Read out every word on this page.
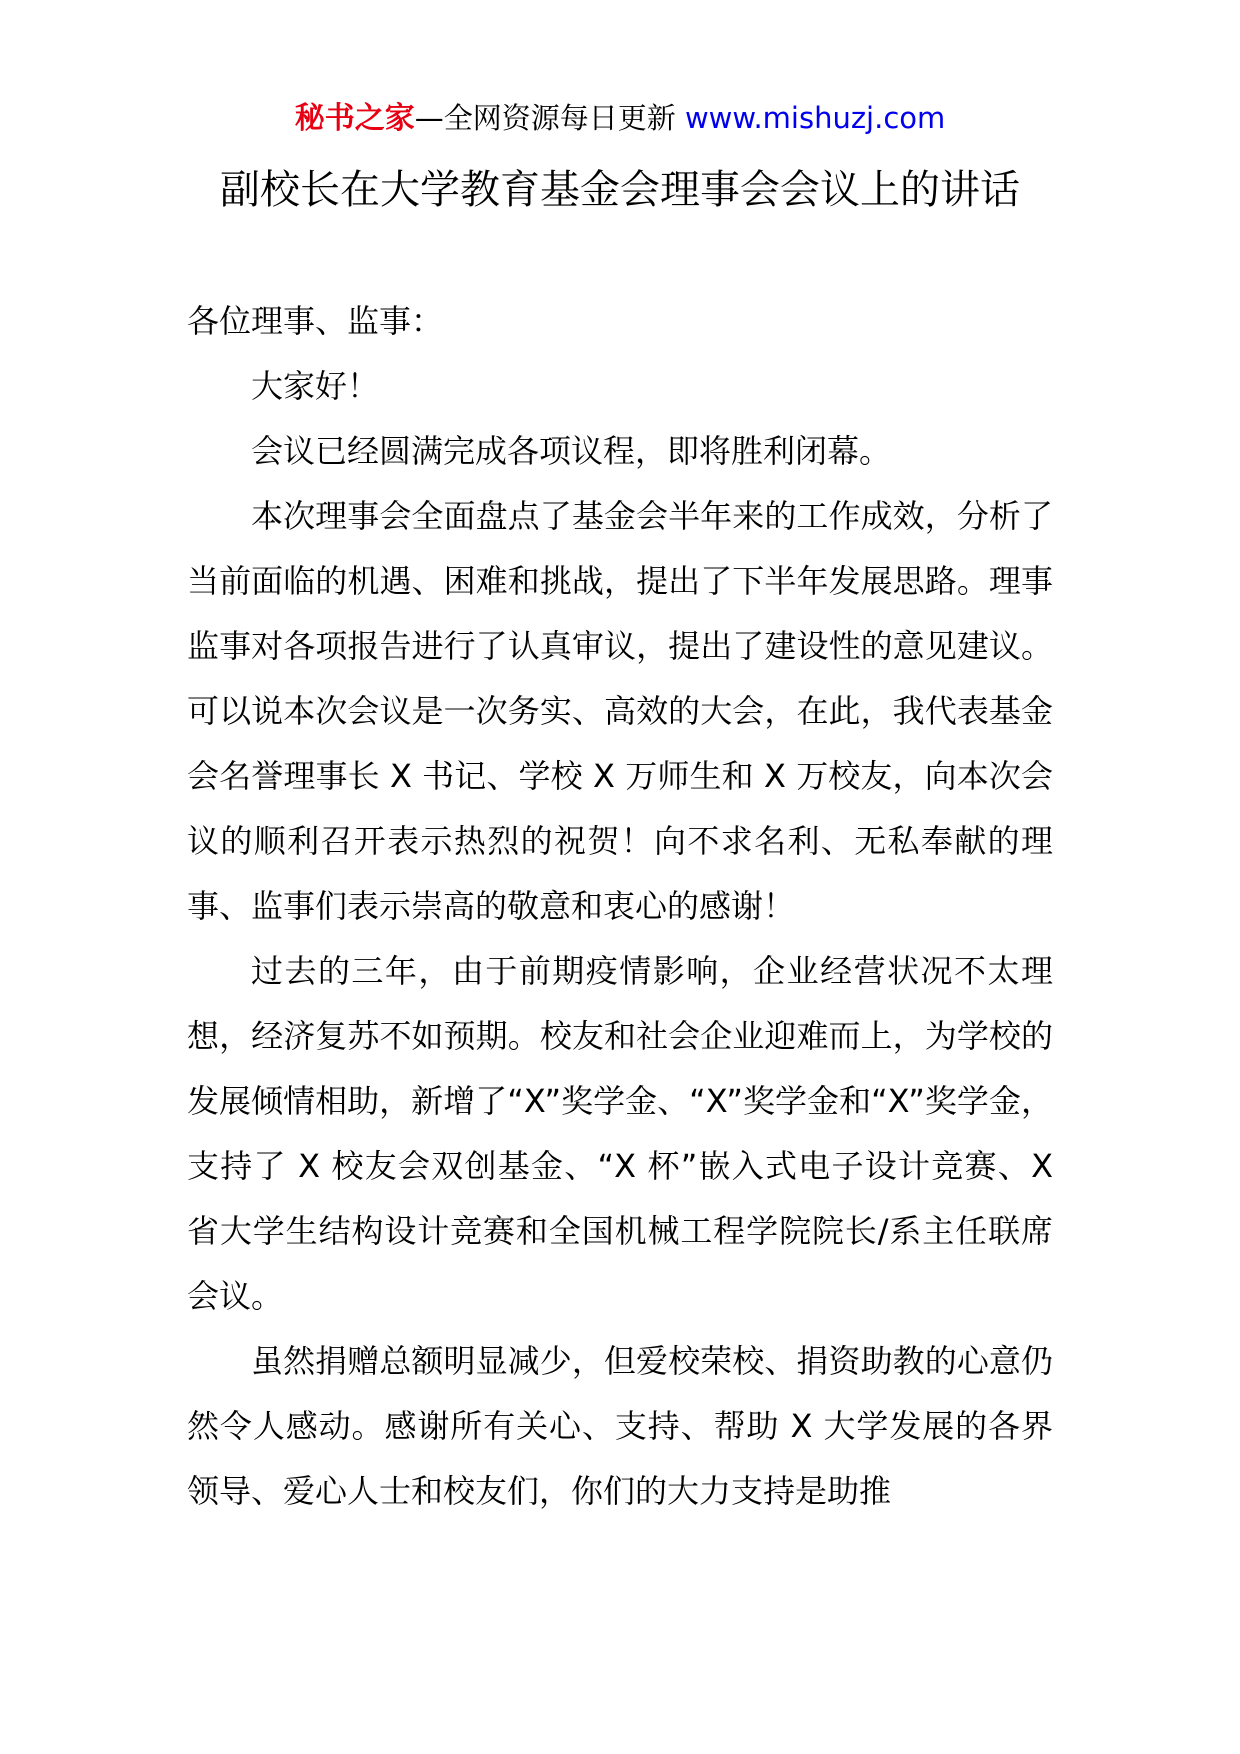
秘书之家—全网资源每日更新 www.mishuzj.com
副校长在大学教育基金会理事会会议上的讲话

各位理事、监事：

大家好！

会议已经圆满完成各项议程，即将胜利闭幕。

本次理事会全面盘点了基金会半年来的工作成效，分析了当前面临的机遇、困难和挑战，提出了下半年发展思路。理事监事对各项报告进行了认真审议，提出了建设性的意见建议。可以说本次会议是一次务实、高效的大会，在此，我代表基金会名誉理事长 X 书记、学校 X 万师生和 X 万校友，向本次会议的顺利召开表示热烈的祝贺！向不求名利、无私奉献的理事、监事们表示崇高的敬意和衷心的感谢！

过去的三年，由于前期疫情影响，企业经营状况不太理想，经济复苏不如预期。校友和社会企业迎难而上，为学校的发展倾情相助，新增了“X”奖学金、“X”奖学金和“X”奖学金，支持了 X 校友会双创基金、“X 杯”嵌入式电子设计竞赛、X 省大学生结构设计竞赛和全国机械工程学院院长/系主任联席会议。

虽然捐赠总额明显减少，但爱校荣校、捐资助教的心意仍然令人感动。感谢所有关心、支持、帮助 X 大学发展的各界领导、爱心人士和校友们，你们的大力支持是助推
